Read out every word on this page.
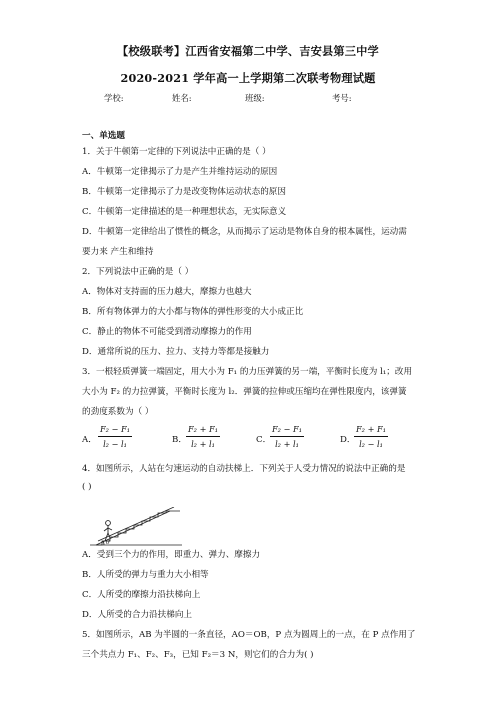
【校级联考】江西省安福第二中学、吉安县第三中学
2020-2021 学年高一上学期第二次联考物理试题
学校:	姓名:	班级:	考号:
一、单选题
1．关于牛顿第一定律的下列说法中正确的是（ ）
A．牛顿第一定律揭示了力是产生并维持运动的原因
B．牛顿第一定律揭示了力是改变物体运动状态的原因
C．牛顿第一定律描述的是一种理想状态，无实际意义
D．牛顿第一定律给出了惯性的概念，从而揭示了运动是物体自身的根本属性，运动需
要力来 产生和维持
2．下列说法中正确的是（ ）
A．物体对支持面的压力越大，摩擦力也越大
B．所有物体弹力的大小都与物体的弹性形变的大小成正比
C．静止的物体不可能受到滑动摩擦力的作用
D．通常所说的压力、拉力、支持力等都是接触力
3．一根轻质弹簧一端固定，用大小为 F₁ 的力压弹簧的另一端，平衡时长度为 l₁；改用
大小为 F₂ 的力拉弹簧，平衡时长度为 l₂．弹簧的拉伸或压缩均在弹性限度内，该弹簧
的劲度系数为（ ）
A． $\frac{\text{F₂ − F₁}}{\text{l₂ − l₁}}$	B． $\frac{\text{F₂ + F₁}}{\text{l₂ + l₁}}$	C．
$\frac{\text{F₂ − F₁}}{\text{l₂ + l₁}}$	D．
$\frac{\text{F₂ + F₁}}{\text{l₂ − l₁}}$
4．如图所示，人站在匀速运动的自动扶梯上．下列关于人受力情况的说法中正确的是
( )
θ
A．受到三个力的作用，即重力、弹力、摩擦力
B．人所受的弹力与重力大小相等
C．人所受的摩擦力沿扶梯向上
D．人所受的合力沿扶梯向上
5．如图所示，AB 为半圆的一条直径，AO＝OB，P 点为圆周上的一点，在 P 点作用了
三个共点力 F₁、F₂、F₃，已知 F₂＝3 N，则它们的合力为( )
